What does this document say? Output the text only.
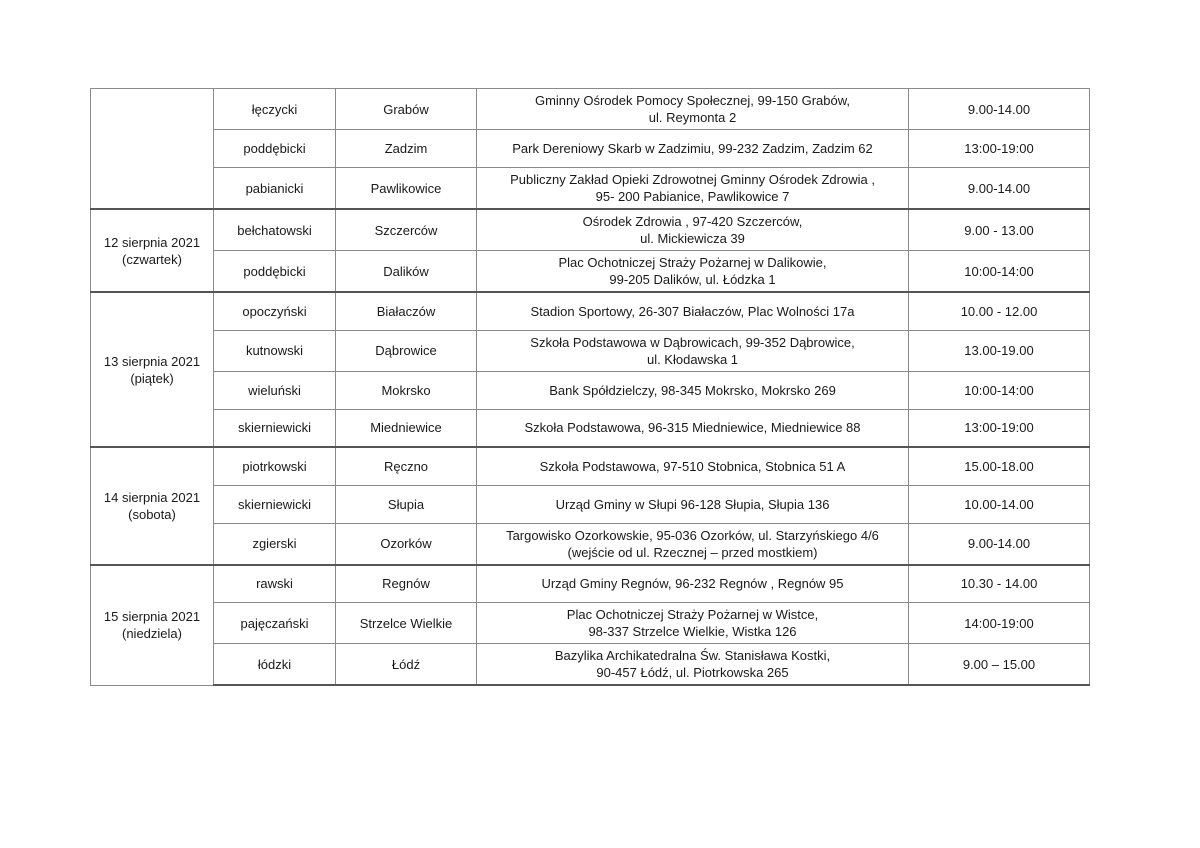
	łęczycki	Grabów	Gminny Ośrodek Pomocy Społecznej, 99-150 Grabów,
ul. Reymonta 2	9.00-14.00
	poddębicki	Zadzim	Park Dereniowy Skarb w Zadzimiu, 99-232 Zadzim, Zadzim 62	13:00-19:00
	pabianicki	Pawlikowice	Publiczny Zakład Opieki Zdrowotnej Gminny Ośrodek Zdrowia ,
95- 200 Pabianice, Pawlikowice 7	9.00-14.00

12 sierpnia 2021
(czwartek)	bełchatowski	Szczerców	Ośrodek Zdrowia , 97-420 Szczerców,
ul. Mickiewicza 39	9.00 - 13.00
	poddębicki	Dalików	Plac Ochotniczej Straży Pożarnej w Dalikowie,
99-205 Dalików, ul. Łódzka 1	10:00-14:00

13 sierpnia 2021
(piątek)	opoczyński	Białaczów	Stadion Sportowy, 26-307 Białaczów, Plac Wolności 17a	10.00 - 12.00
	kutnowski	Dąbrowice	Szkoła Podstawowa w Dąbrowicach, 99-352 Dąbrowice,
ul. Kłodawska 1	13.00-19.00
	wieluński	Mokrsko	Bank Spółdzielczy, 98-345 Mokrsko, Mokrsko 269	10:00-14:00
	skierniewicki	Miedniewice	Szkoła Podstawowa, 96-315 Miedniewice, Miedniewice 88	13:00-19:00

14 sierpnia 2021
(sobota)	piotrkowski	Ręczno	Szkoła Podstawowa, 97-510 Stobnica, Stobnica 51 A	15.00-18.00
	skierniewicki	Słupia	Urząd Gminy w Słupi 96-128 Słupia, Słupia 136	10.00-14.00
	zgierski	Ozorków	Targowisko Ozorkowskie, 95-036 Ozorków, ul. Starzyńskiego 4/6
(wejście od ul. Rzecznej – przed mostkiem)	9.00-14.00

15 sierpnia 2021
(niedziela)	rawski	Regnów	Urząd Gminy Regnów, 96-232 Regnów , Regnów 95	10.30 - 14.00
	pajęczański	Strzelce Wielkie	Plac Ochotniczej Straży Pożarnej w Wistce,
98-337 Strzelce Wielkie, Wistka 126	14:00-19:00
	łódzki	Łódź	Bazylika Archikatedralna Św. Stanisława Kostki,
90-457 Łódź, ul. Piotrkowska 265	9.00 – 15.00
